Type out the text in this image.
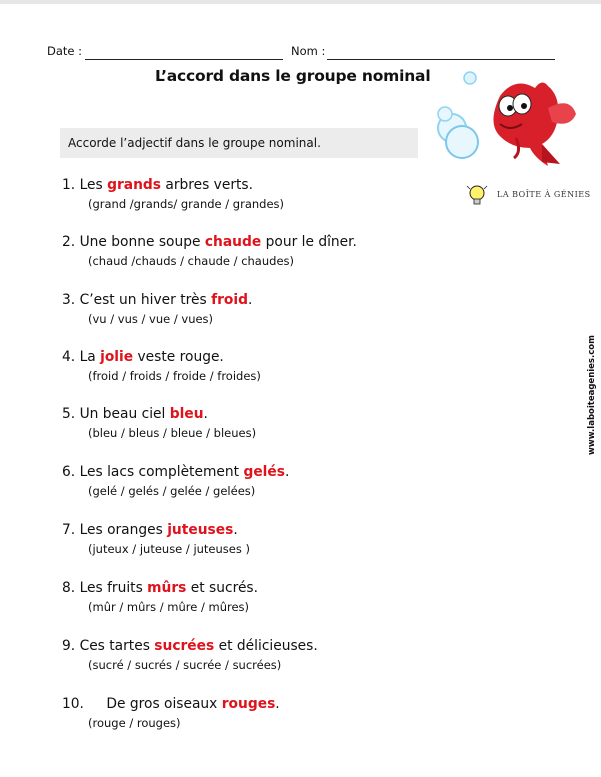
Date :	Nom :
L’accord dans le groupe nominal
Accorde l’adjectif dans le groupe nominal.
LA BOÎTE À GÉNIES
www.laboiteagenies.com
1. Les grands arbres verts.
(grand /grands/ grande / grandes)
2. Une bonne soupe chaude pour le dîner.
(chaud /chauds / chaude / chaudes)
3. C’est un hiver très froid.
(vu / vus / vue / vues)
4. La jolie veste rouge.
(froid / froids / froide / froides)
5. Un beau ciel bleu.
(bleu / bleus / bleue / bleues)
6. Les lacs complètement gelés.
(gelé / gelés / gelée / gelées)
7. Les oranges juteuses.
(juteux / juteuse / juteuses )
8. Les fruits mûrs et sucrés.
(mûr / mûrs / mûre / mûres)
9. Ces tartes sucrées et délicieuses.
(sucré / sucrés / sucrée / sucrées)
10. De gros oiseaux rouges.
(rouge / rouges)
